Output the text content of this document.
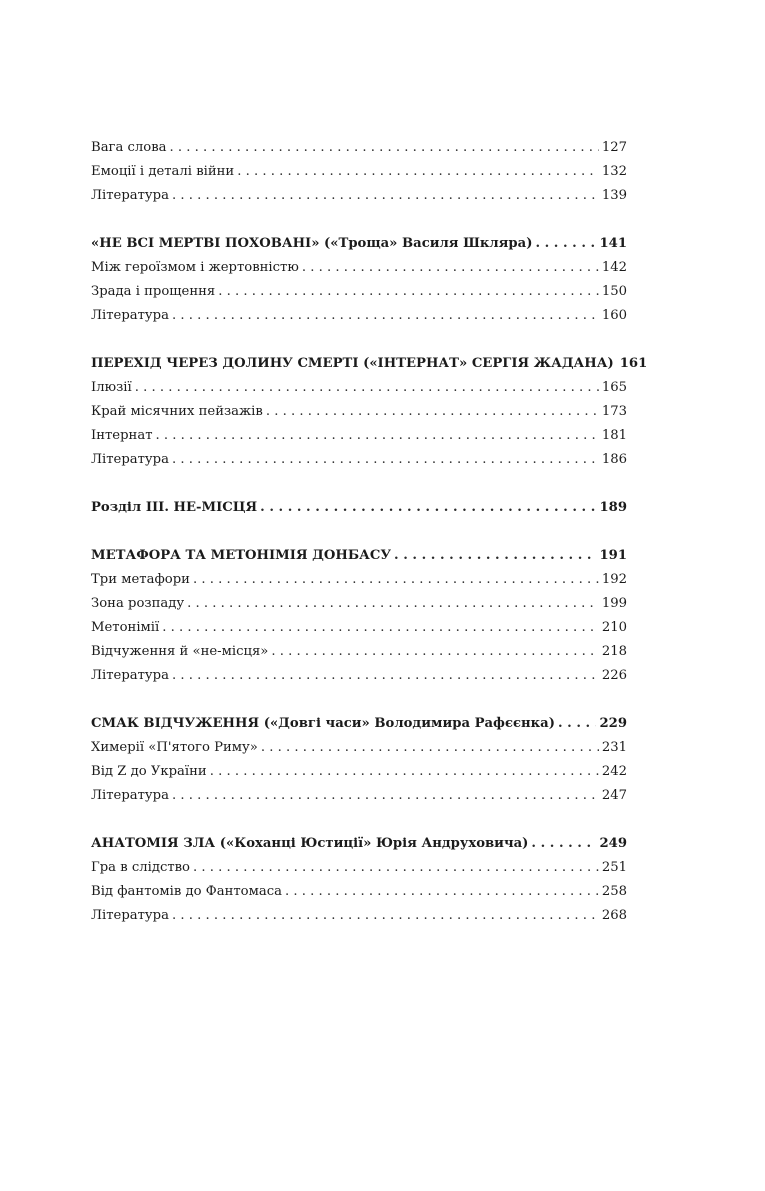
Вага слова . . .	127
Емоції і деталі війни . . .	132
Література . . .	139
«НЕ ВСІ МЕРТВІ ПОХОВАНІ» («Троща» Василя Шкляра) . . .	141
Між героїзмом і жертовністю . . .	142
Зрада і прощення . . .	150
Література . . .	160
ПЕРЕХІД ЧЕРЕЗ ДОЛИНУ СМЕРТІ («ІНТЕРНАТ» СЕРГІЯ ЖАДАНА) 161
Ілюзії . . .	165
Край місячних пейзажів . . .	173
Інтернат . . .	181
Література . . .	186
Розділ ІІІ. НЕ-МІСЦЯ . . .	189
МЕТАФОРА ТА МЕТОНІМІЯ ДОНБАСУ . . .	191
Три метафори . . .	192
Зона розпаду . . .	199
Метонімії . . .	210
Відчуження й «не-місця» . . .	218
Література . . .	226
СМАК ВІДЧУЖЕННЯ («Довгі часи» Володимира Рафєєнка) . . .	229
Химерії «П'ятого Риму» . . .	231
Від Z до України . . .	242
Література . . .	247
АНАТОМІЯ ЗЛА («Коханці Юстиції» Юрія Андруховича) . . .	249
Гра в слідство . . .	251
Від фантомів до Фантомаса . . .	258
Література . . .	268
